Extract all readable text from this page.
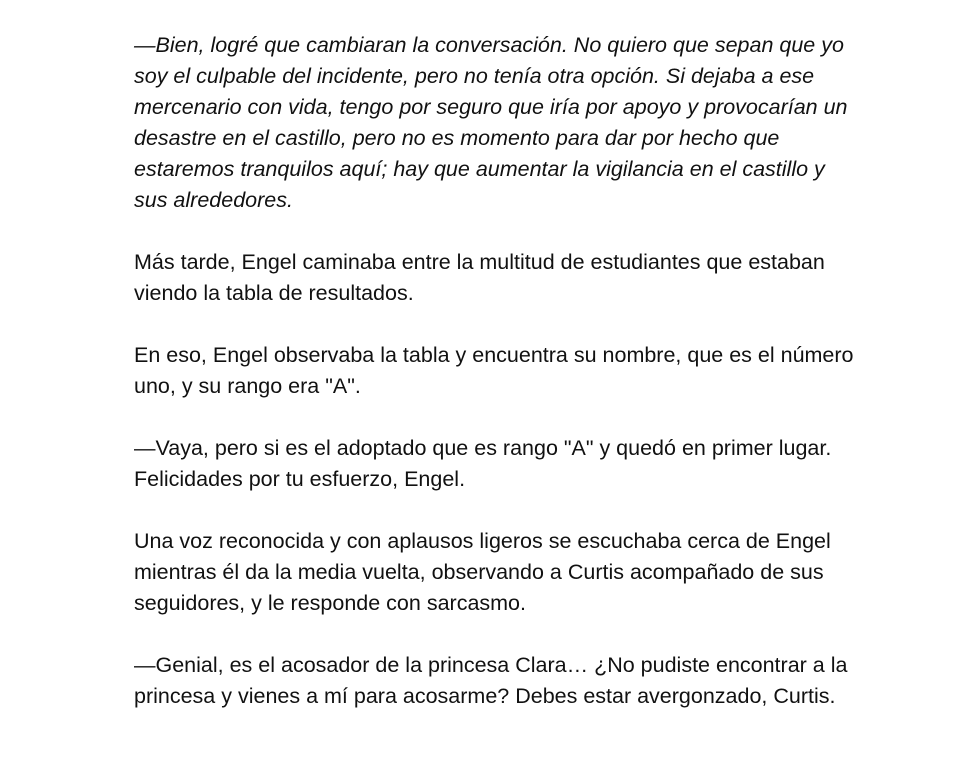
—Bien, logré que cambiaran la conversación. No quiero que sepan que yo soy el culpable del incidente, pero no tenía otra opción. Si dejaba a ese mercenario con vida, tengo por seguro que iría por apoyo y provocarían un desastre en el castillo, pero no es momento para dar por hecho que estaremos tranquilos aquí; hay que aumentar la vigilancia en el castillo y sus alrededores.

Más tarde, Engel caminaba entre la multitud de estudiantes que estaban viendo la tabla de resultados.

En eso, Engel observaba la tabla y encuentra su nombre, que es el número uno, y su rango era "A".

—Vaya, pero si es el adoptado que es rango "A" y quedó en primer lugar. Felicidades por tu esfuerzo, Engel.

Una voz reconocida y con aplausos ligeros se escuchaba cerca de Engel mientras él da la media vuelta, observando a Curtis acompañado de sus seguidores, y le responde con sarcasmo.

—Genial, es el acosador de la princesa Clara… ¿No pudiste encontrar a la princesa y vienes a mí para acosarme? Debes estar avergonzado, Curtis.
